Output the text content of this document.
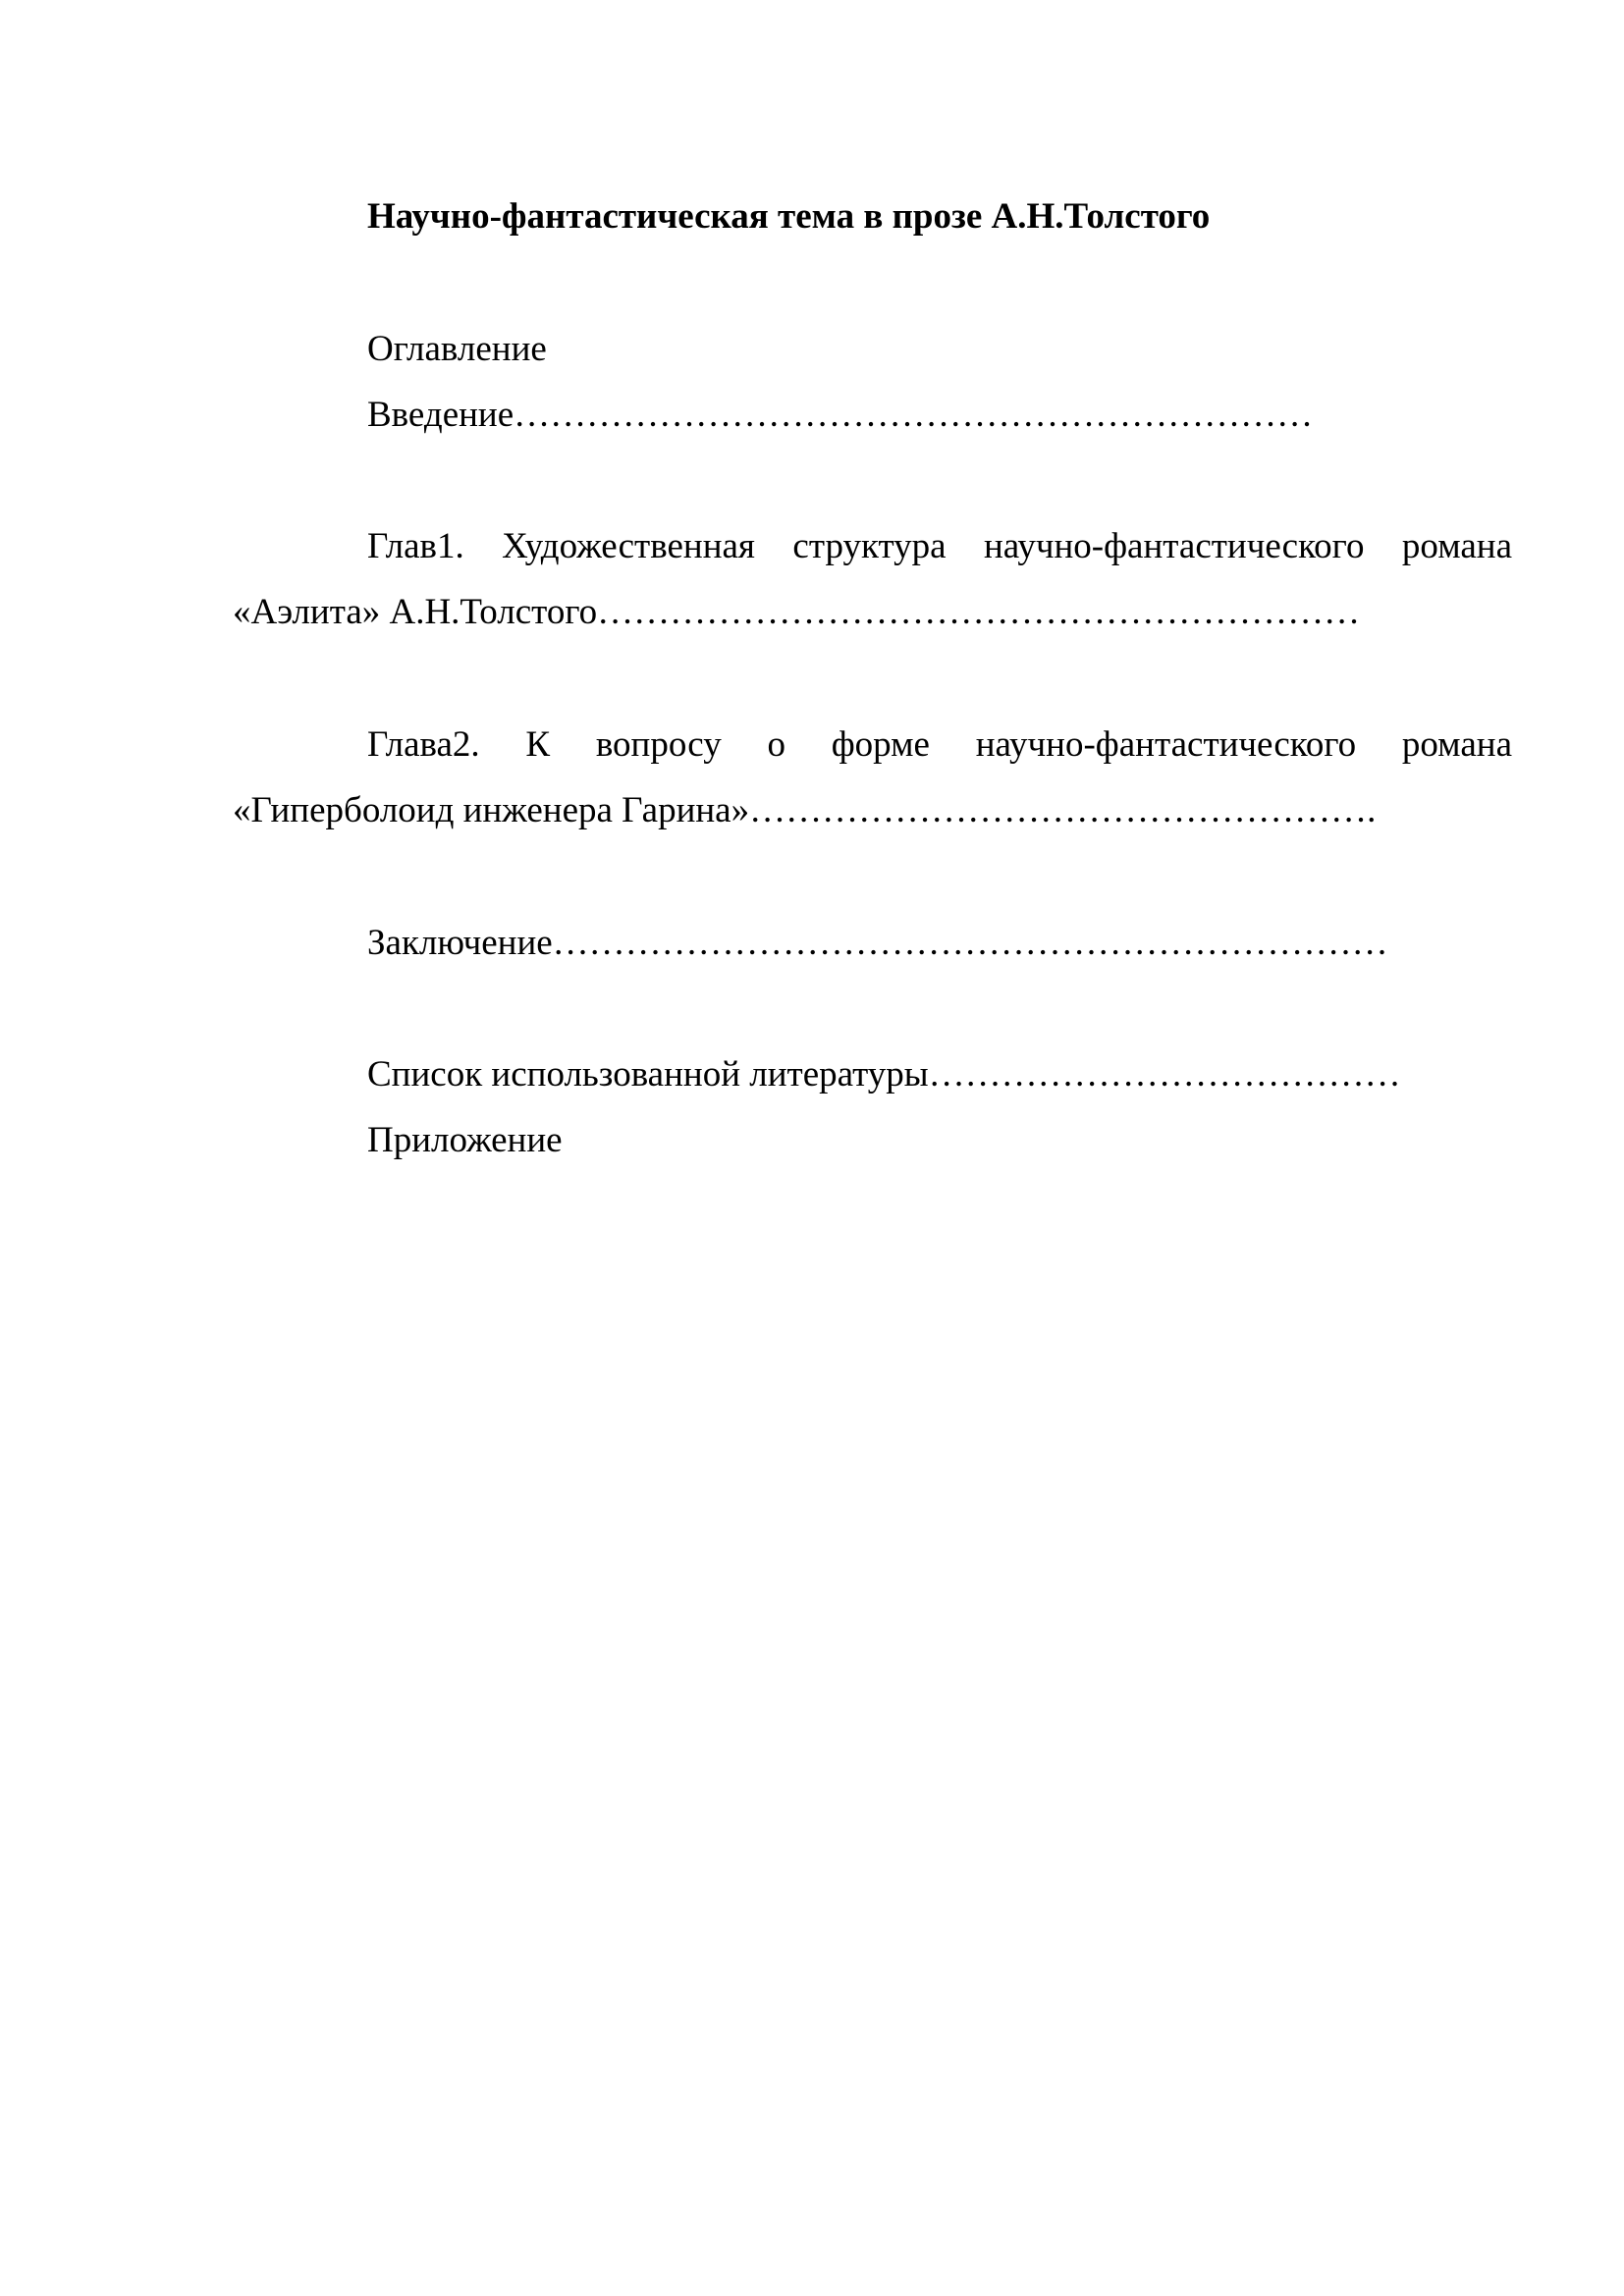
Научно-фантастическая тема в прозе А.Н.Толстого
Оглавление
Введение…………………………………………………………
Глав1. Художественная структура научно-фантастического романа
«Аэлита» А.Н.Толстого………………………………………………………
Глава2. К вопросу о форме научно-фантастического романа
«Гиперболоид инженера Гарина»…………………………………………….
Заключение……………………………………………………………
Список использованной литературы…………………………………
Приложение
